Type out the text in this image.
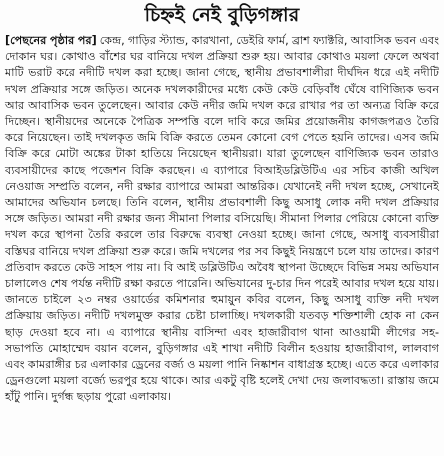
চিহ্নই নেই বুড়িগঙ্গার

[পেছনের পৃষ্ঠার পর] কেন্দ্র, গাড়ির স্ট্যান্ড, কারখানা, ডেইরি ফার্ম, ব্রাশ ফ্যাক্টরি, আবাসিক ভবন এবং দোকান ঘর। কোথাও বাঁশের ঘর বানিয়ে দখল প্রক্রিয়া শুরু হয়। আবার কোথাও ময়লা ফেলে অথবা মাটি ভরাট করে নদীটি দখল করা হচ্ছে। জানা গেছে, স্থানীয় প্রভাবশালীরা দীর্ঘদিন ধরে এই নদীটি দখল প্রক্রিয়ার সঙ্গে জড়িত। অনেক দখলকারীদের মধ্যে কেউ কেউ বেড়িবাঁধ ঘেঁষে বাণিজ্যিক ভবন আর আবাসিক ভবন তুলেছেন। আবার কেউ নদীর জমি দখল করে রাখার পর তা অন্যত্র বিক্রি করে দিচ্ছেন। স্থানীয়দের অনেকে পৈত্রিক সম্পত্তি বলে দাবি করে জমির প্রয়োজনীয় কাগজপত্রও তৈরি করে নিয়েছেন। তাই দখলকৃত জমি বিক্রি করতে তেমন কোনো বেগ পেতে হয়নি তাদের। এসব জমি বিক্রি করে মোটা অঙ্কের টাকা হাতিয়ে নিয়েছেন স্থানীয়রা। যারা তুলেছেন বাণিজ্যিক ভবন তারাও ব্যবসায়ীদের কাছে পজেশন বিক্রি করছেন। এ ব্যাপারে বিআইডব্লিউটিএ এর সচিব কাজী অখিল নেওয়াজ সম্প্রতি বলেন, নদী রক্ষার ব্যাপারে আমরা আন্তরিক। যেখানেই নদী দখল হচ্ছে, সেখানেই আমাদের অভিযান চলছে। তিনি বলেন, স্থানীয় প্রভাবশালী কিছু অসাধু লোক নদী দখল প্রক্রিয়ার সঙ্গে জড়িত। আমরা নদী রক্ষার জন্য সীমানা পিলার বসিয়েছি। সীমানা পিলার পেরিয়ে কোনো ব্যক্তি দখল করে স্থাপনা তৈরি করলে তার বিরুদ্ধে ব্যবস্থা নেওয়া হচ্ছে। জানা গেছে, অসাধু ব্যবসায়ীরা বস্তিঘর বানিয়ে দখল প্রক্রিয়া শুরু করে। জমি দখলের পর সব কিছুই নিয়ন্ত্রণে চলে যায় তাদের। কারণ প্রতিবাদ করতে কেউ সাহস পায় না। বি আই ডব্লিউটিএ অবৈধ স্থাপনা উচ্ছেদে বিভিন্ন সময় অভিযান চালালেও শেষ পর্যন্ত নদীটি রক্ষা করতে পারেনি। অভিযানের দু-চার দিন পরেই আবার দখল হয়ে যায়। জানতে চাইলে ২৩ নম্বর ওয়ার্ডের কমিশনার হুমায়ুন কবির বলেন, কিছু অসাধু ব্যক্তি নদী দখল প্রক্রিয়ায় জড়িত। নদীটি দখলমুক্ত করার চেষ্টা চালাচ্ছি। দখলকারী যতবড় শক্তিশালী হোক না কেন ছাড় দেওয়া হবে না। এ ব্যাপারে স্থানীয় বাসিন্দা এবং হাজারীবাগ থানা আওয়ামী লীগের সহ-সভাপতি মোহাম্মেদ বয়ান বলেন, বুড়িগঙ্গার এই শাখা নদীটি বিলীন হওয়ায় হাজারীবাগ, লালবাগ এবং কামরাঙ্গীর চর এলাকার ড্রেনের বর্জ্য ও ময়লা পানি নিষ্কাশন বাধাগ্রস্ত হচ্ছে। এতে করে এলাকার ড্রেনগুলো ময়লা বর্জ্যে ভরপুর হয়ে থাকে। আর একটু বৃষ্টি হলেই দেখা দেয় জলাবদ্ধতা। রাস্তায় জমে হাঁটু পানি। দুর্গন্ধ ছড়ায় পুরো এলাকায়।
